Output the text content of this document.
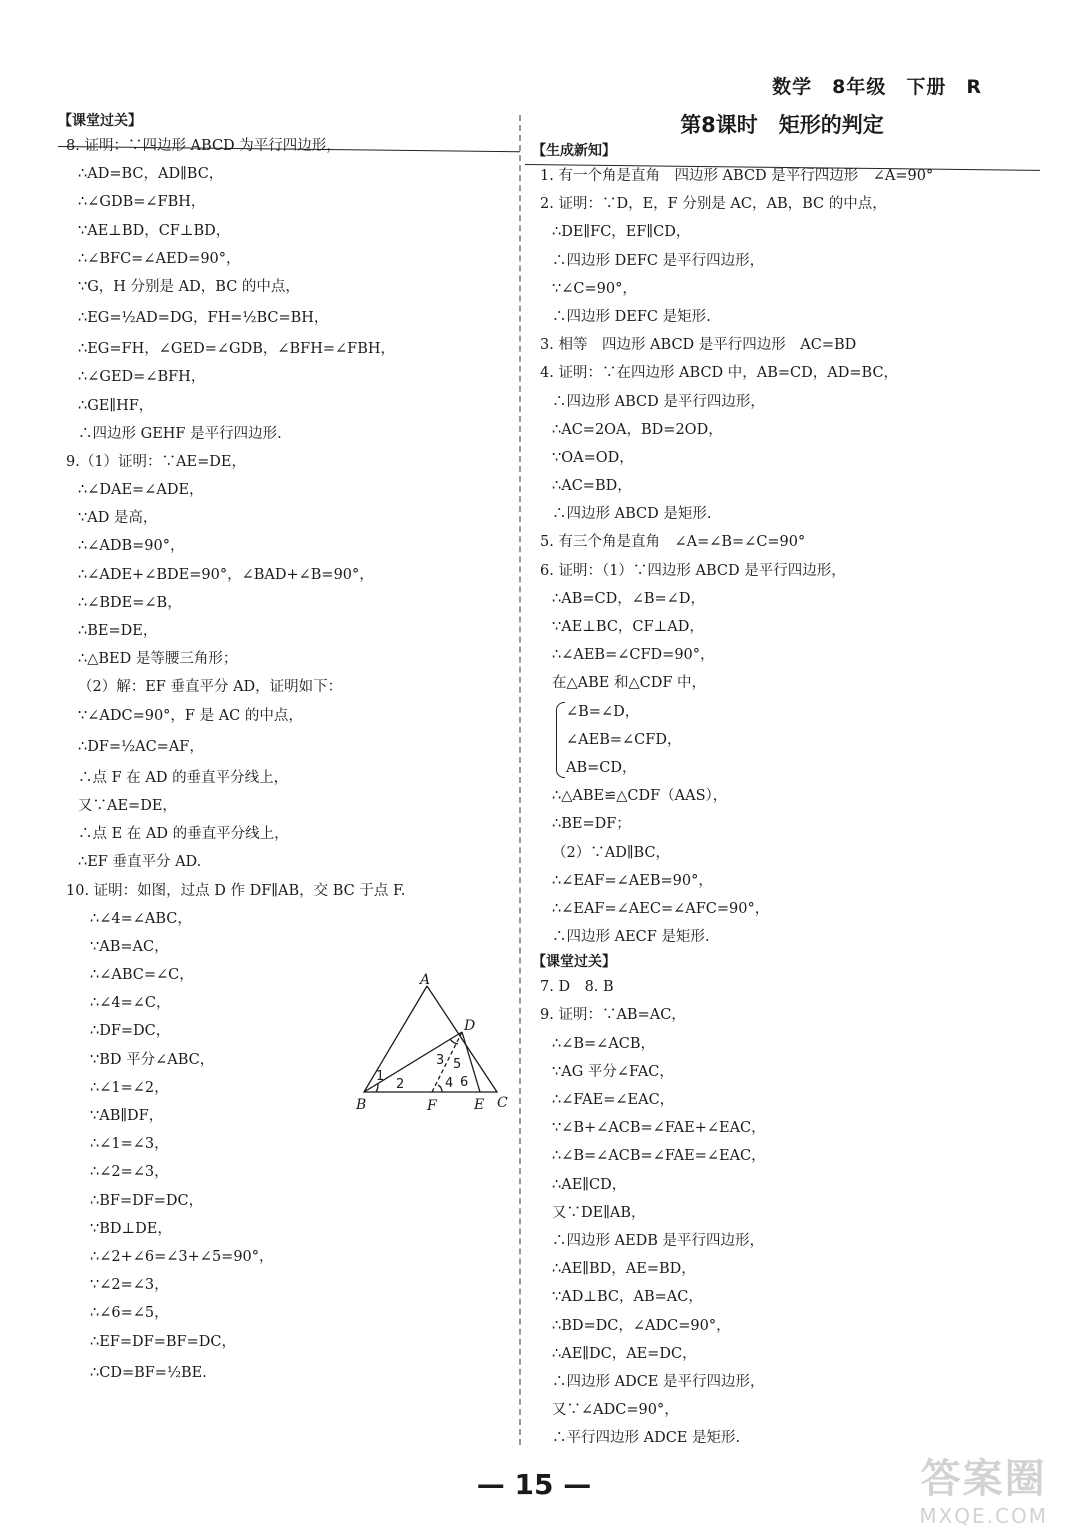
数学　8年级　下册　R
【课堂过关】
8. 证明：∵四边形 ABCD 为平行四边形，
∴AD=BC，AD∥BC，
∴∠GDB=∠FBH，
∵AE⊥BD，CF⊥BD，
∴∠BFC=∠AED=90°，
∵G，H 分别是 AD，BC 的中点，
∴EG=½AD=DG，FH=½BC=BH，
∴EG=FH，∠GED=∠GDB，∠BFH=∠FBH，
∴∠GED=∠BFH，
∴GE∥HF，
∴四边形 GEHF 是平行四边形.
9.（1）证明：∵AE=DE，
∴∠DAE=∠ADE，
∵AD 是高，
∴∠ADB=90°，
∴∠ADE+∠BDE=90°，∠BAD+∠B=90°，
∴∠BDE=∠B，
∴BE=DE，
∴△BED 是等腰三角形；
（2）解：EF 垂直平分 AD，证明如下：
∵∠ADC=90°，F 是 AC 的中点，
∴DF=½AC=AF，
∴点 F 在 AD 的垂直平分线上，
又∵AE=DE，
∴点 E 在 AD 的垂直平分线上，
∴EF 垂直平分 AD.
10. 证明：如图，过点 D 作 DF∥AB，交 BC 于点 F.
∴∠4=∠ABC，
∵AB=AC，
∴∠ABC=∠C，
∴∠4=∠C，
∴DF=DC，
∵BD 平分∠ABC，
∴∠1=∠2，
∵AB∥DF，
∴∠1=∠3，
∴∠2=∠3，
∴BF=DF=DC，
∵BD⊥DE，
∴∠2+∠6=∠3+∠5=90°，
∵∠2=∠3，
∴∠6=∠5，
∴EF=DF=BF=DC，
∴CD=BF=½BE.
第8课时　矩形的判定
【生成新知】
1. 有一个角是直角　四边形 ABCD 是平行四边形　∠A=90°
2. 证明：∵D，E，F 分别是 AC，AB，BC 的中点，
∴DE∥FC，EF∥CD，
∴四边形 DEFC 是平行四边形，
∵∠C=90°，
∴四边形 DEFC 是矩形.
3. 相等　四边形 ABCD 是平行四边形　AC=BD
4. 证明：∵在四边形 ABCD 中，AB=CD，AD=BC，
∴四边形 ABCD 是平行四边形，
∴AC=2OA，BD=2OD，
∵OA=OD，
∴AC=BD，
∴四边形 ABCD 是矩形.
5. 有三个角是直角　∠A=∠B=∠C=90°
6. 证明：（1）∵四边形 ABCD 是平行四边形，
∴AB=CD，∠B=∠D，
∵AE⊥BC，CF⊥AD，
∴∠AEB=∠CFD=90°，
在△ABE 和△CDF 中，
∠B=∠D，
∠AEB=∠CFD，
AB=CD，
∴△ABE≌△CDF（AAS），
∴BE=DF；
（2）∵AD∥BC，
∴∠EAF=∠AEB=90°，
∴∠EAF=∠AEC=∠AFC=90°，
∴四边形 AECF 是矩形.
【课堂过关】
7. D　8. B
9. 证明：∵AB=AC，
∴∠B=∠ACB，
∵AG 平分∠FAC，
∴∠FAE=∠EAC，
∵∠B+∠ACB=∠FAE+∠EAC，
∴∠B=∠ACB=∠FAE=∠EAC，
∴AE∥CD，
又∵DE∥AB，
∴四边形 AEDB 是平行四边形，
∴AE∥BD，AE=BD，
∵AD⊥BC，AB=AC，
∴BD=DC，∠ADC=90°，
∴AE∥DC，AE=DC，
∴四边形 ADCE 是平行四边形，
又∵∠ADC=90°，
∴平行四边形 ADCE 是矩形.
A
B	C
D
E
F
1
2
3
4
5
6
— 15 —	答案圈
MXQE.COM
